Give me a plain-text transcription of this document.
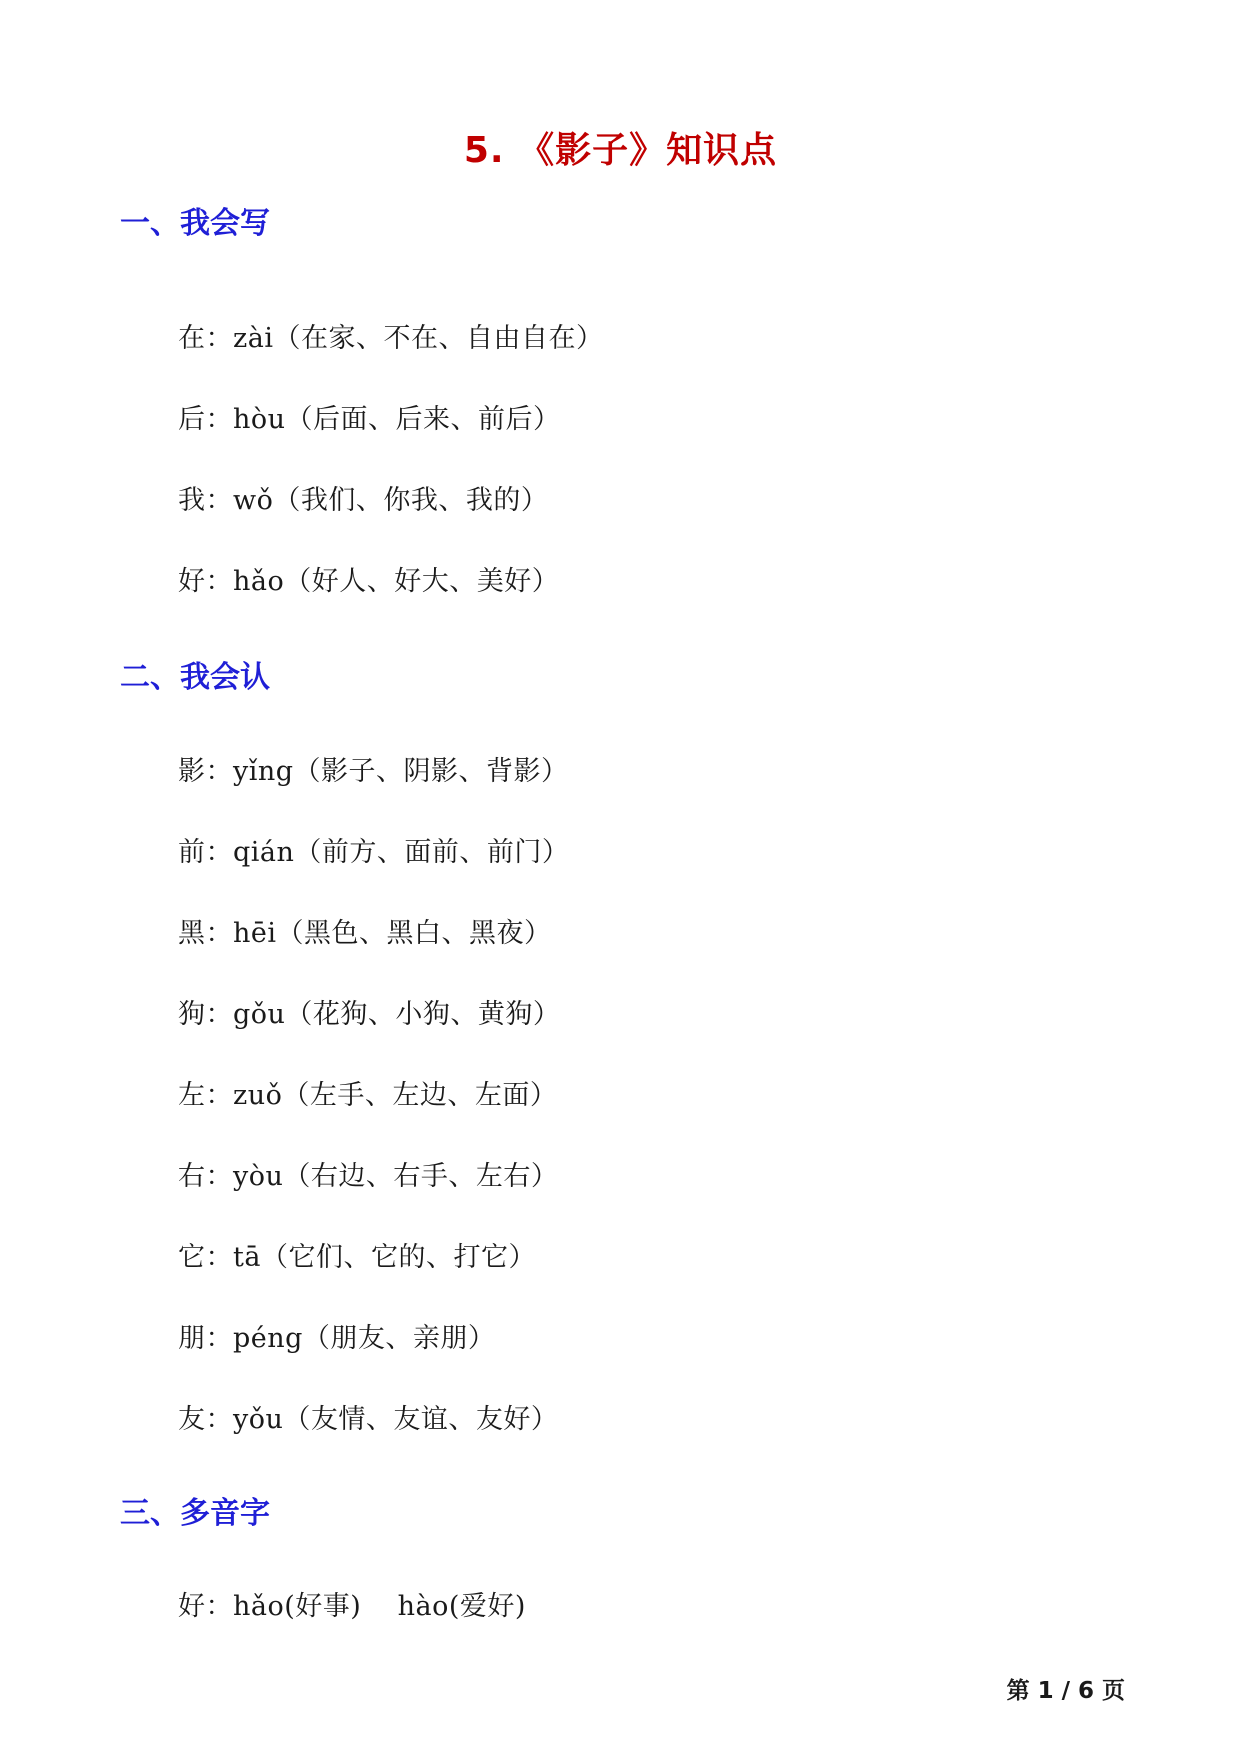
5. 《影子》知识点
一、我会写
在：zài（在家、不在、自由自在）
后：hòu（后面、后来、前后）
我：wǒ（我们、你我、我的）
好：hǎo（好人、好大、美好）
二、我会认
影：yǐng（影子、阴影、背影）
前：qián（前方、面前、前门）
黑：hēi（黑色、黑白、黑夜）
狗：gǒu（花狗、小狗、黄狗）
左：zuǒ（左手、左边、左面）
右：yòu（右边、右手、左右）
它：tā（它们、它的、打它）
朋：péng（朋友、亲朋）
友：yǒu（友情、友谊、友好）
三、多音字
好：hǎo(好事)    hào(爱好)
第 1 / 6 页
